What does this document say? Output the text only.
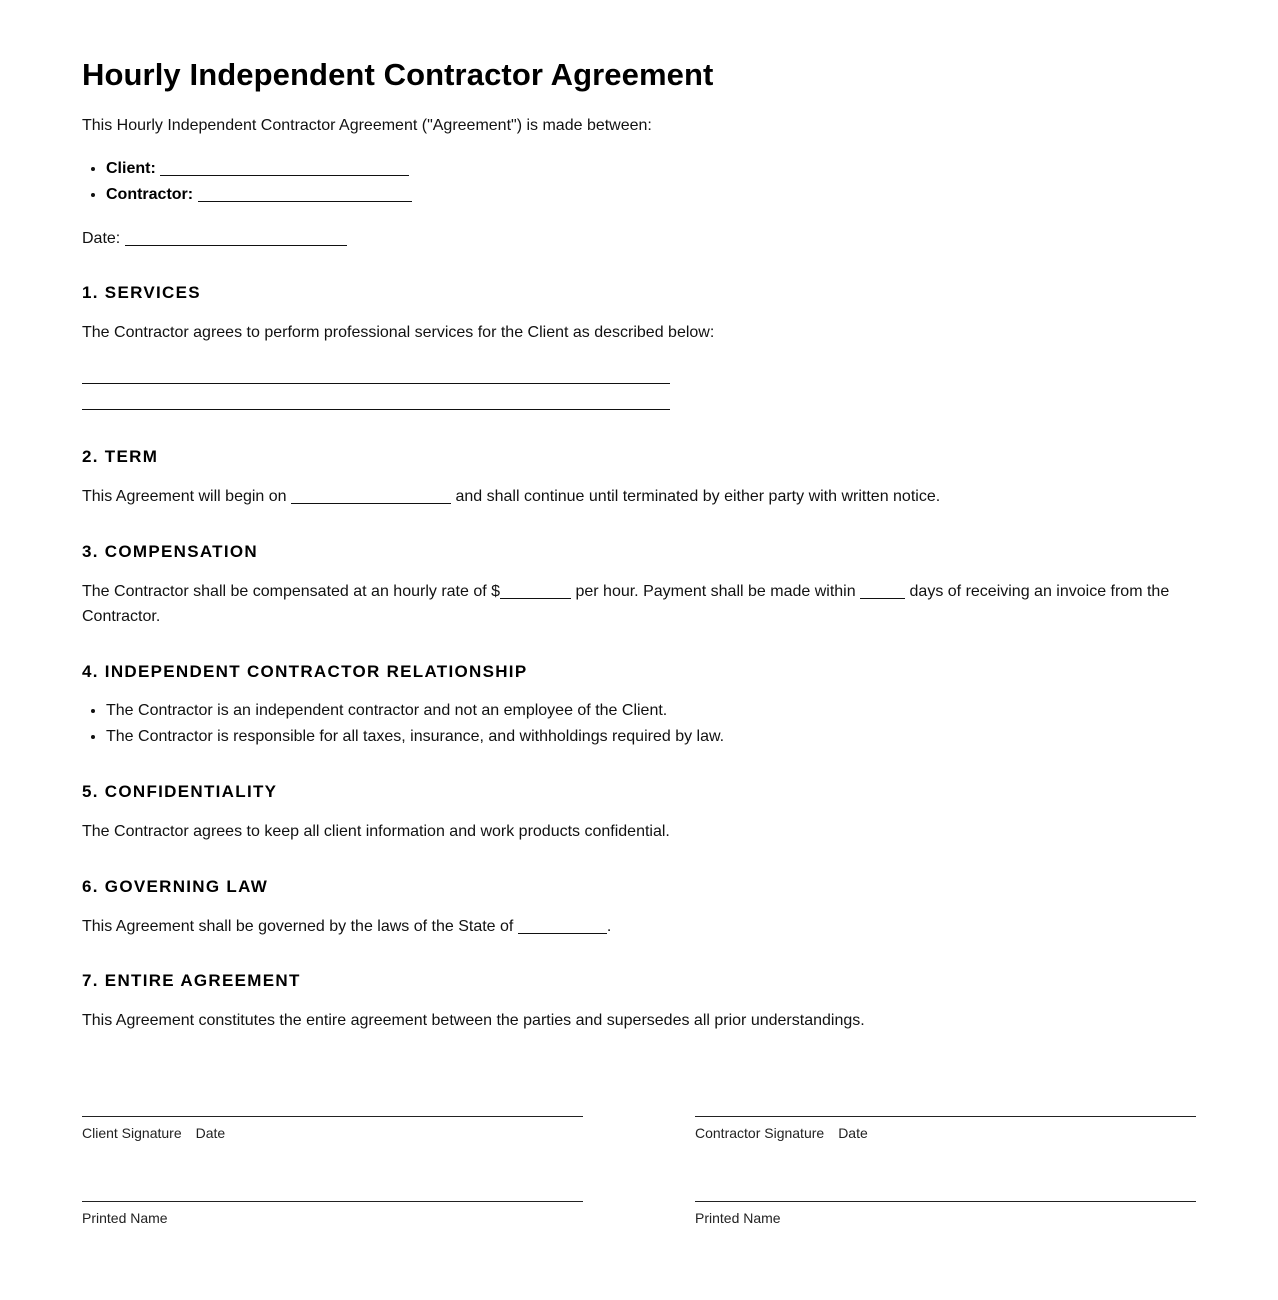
Hourly Independent Contractor Agreement

This Hourly Independent Contractor Agreement ("Agreement") is made between:

• Client:
• Contractor:

Date:

1. SERVICES

The Contractor agrees to perform professional services for the Client as described below:

2. TERM

This Agreement will begin on	and shall continue until terminated by either party with written notice.

3. COMPENSATION

The Contractor shall be compensated at an hourly rate of $	per hour. Payment shall be made within	days of receiving an invoice from the

Contractor.

4. INDEPENDENT CONTRACTOR RELATIONSHIP
• The Contractor is an independent contractor and not an employee of the Client.
• The Contractor is responsible for all taxes, insurance, and withholdings required by law.
5. CONFIDENTIALITY

The Contractor agrees to keep all client information and work products confidential.

6. GOVERNING LAW

This Agreement shall be governed by the laws of the State of	.

7. ENTIRE AGREEMENT

This Agreement constitutes the entire agreement between the parties and supersedes all prior understandings.

Client Signature Date
Printed Name
Contractor Signature Date
Printed Name
